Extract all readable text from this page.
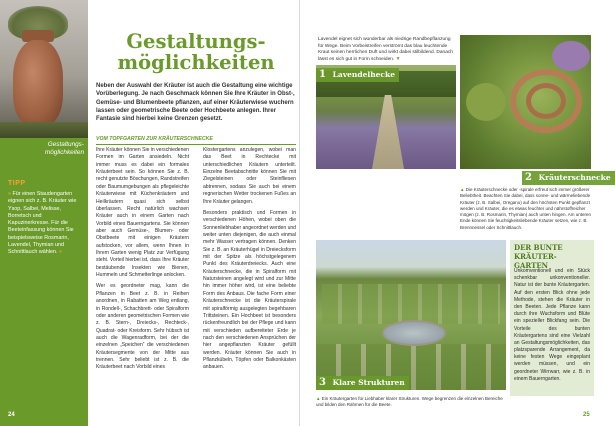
Gestaltungs-
möglichkeiten
TIPP
» Für einen Staudengarten eignen sich z. B. Kräuter wie Ysop, Salbei, Melisse, Borretsch und Kapuzinerkresse. Für die Beeteinfassung können Sie beispielsweise Rosmarin, Lavendel, Thymian und Schnittlauch wählen. «
24
Gestaltungs-
möglichkeiten
Neben der Auswahl der Kräuter ist auch die Gestaltung eine wichtige Vorüberlegung. Je nach Geschmack können Sie Ihre Kräuter in Obst-, Gemüse- und Blumenbeete pflanzen, auf einer Kräuterwiese wuchern lassen oder geometrische Beete oder Hochbeete anlegen. Ihrer Fantasie sind hierbei keine Grenzen gesetzt.
VOM TOPFGARTEN ZUR KRÄUTERSCHNECKE

Ihre Kräuter können Sie in verschiedenen Formen im Garten ansiedeln. Nicht immer muss es dabei ein formales Kräuterbeet sein. So können Sie z. B. recht genutzte Böschungen, Randstreifen oder Baumumgebungen als pflegeleichte Kräuterwiese mit Küchenkräutern und Heilkräutern quasi sich selbst überlassen. Recht natürlich wachsen Kräuter auch in einem Garten nach Vorbild eines Bauerngartens. Sie können aber auch Gemüse-, Blumen- oder Obstbeete mit einigen Kräutern aufstocken, vor allem, wenn Ihnen in Ihrem Garten wenig Platz zur Verfügung steht. Vorteil hierbei ist, dass Ihre Kräuter bestäubende Insekten wie Bienen, Hummeln und Schmetterlinge anlocken.

Wer es geordneter mag, kann die Pflanzen in Beet z. B. in Reihen anordnen, in Rabatten am Weg entlang, in Rondell-, Schachbrett- oder Spiralform oder anderen geometrischen Formen wie z. B. Stern-, Dreiecks-, Rechteck-, Quadrat- oder Kreisform. Sehr hübsch ist auch die Wagenradform, bei der die einzelnen „Speichen“ die verschiedenen Kräutersegmente von der Mitte aus trennen. Sehr beliebt ist z. B. die Kräuterbeet nach Vorbild eines

Klostergartens anzulegen, wobei man das Beet in Rechtecke mit unterschiedlichen Kräutern unterteilt. Einzelne Beetabschnitte können Sie mit Ziegelsteinen oder Steinfliesen abtrennen, sodass Sie auch bei einem regnerischen Wetter trockenen Fußes an Ihre Kräuter gelangen.

Besonders praktisch und Formen in verschiedenen Höhen, wobei oben die Sonnenliebhaber angeordnet werden und weiter unten diejenigen, die auch einmal mehr Wasser vertragen können. Denken Sie z. B. an Kräuterhügel in Dreiecksform mit der Spitze als höchstgelegenem Punkt des Kräuterdreiecks. Auch eine Kräuterschnecke, die in Spiralform mit Natursteinen angelegt wird und zur Mitte hin immer höher wird, ist eine beliebte Form des Anbaus. Die fache Form einer Kräuterschnecke ist die Kräuterspirale mit spiralförmig ausgelegten begehbaren Trittsteinen. Ein Hochbeet ist besonders rückenfreundlich bei der Pflege und kann mit verschieden aufbereiteter Erde je nach den verschiedenen Ansprüchen der hier angepflanzten Kräuter gefüllt werden. Kräuter können Sie auch in Pflanzkübeln, Töpfen oder Balkonkästen anbauen.

Lavendel eignet sich wunderbar als niedrige Randbepflanzung für Wege. Beim Vorbeistreifen verströmt das blau leuchtende Kraut seinen herrlichen Duft und wirkt dabei stilbildend. Danach lässt es sich gut in Form schneiden. ▼
1 Lavendelhecke
2 Kräuterschnecke
▲ Die Kräuterschnecke oder -spirale erfreut sich immer größerer Beliebtheit. Beachten Sie dabei, dass sonne- und wärmeliebende Kräuter (z. B. Salbei, Oregano) auf den höchsten Punkt gepflanzt werden und Kräuter, die es etwas feuchter und nährstoffreicher mögen (z. B. Rosmarin, Thymian) auch unten hingen. Am unteren Ende können Sie feuchtigkeitsliebende Kräuter setzen, wie z. B. Brennnessel oder Schnittlauch.
3 Klare Strukturen
▲ Ein Kräutergarten für Liebhaber klarer Strukturen. Wege begrenzen die einzelnen Bereiche und bilden den Rahmen für die Beete.
DER BUNTE KRÄUTER-
GARTEN
Unkomventionell und ein Stück schenkbar unkonventioneller. Natur ist der bunte Kräutergarten. Auf den ersten Blick ohne jede Methode, stehen die Kräuter in den Beeten. Jede Pflanze kann durch ihre Wuchsform und Blüte ein spezieller Blickfang sein. Die Vorteile des bunten Kräutergartens sind eine Vielzahl an Gestaltungsmöglichkeiten, das platzsparende Arrangement, da keine festen Wege eingeplant werden müssen, und ein geordneter Wirrwarr, wie z. B. in einem Bauerngarten.
25
